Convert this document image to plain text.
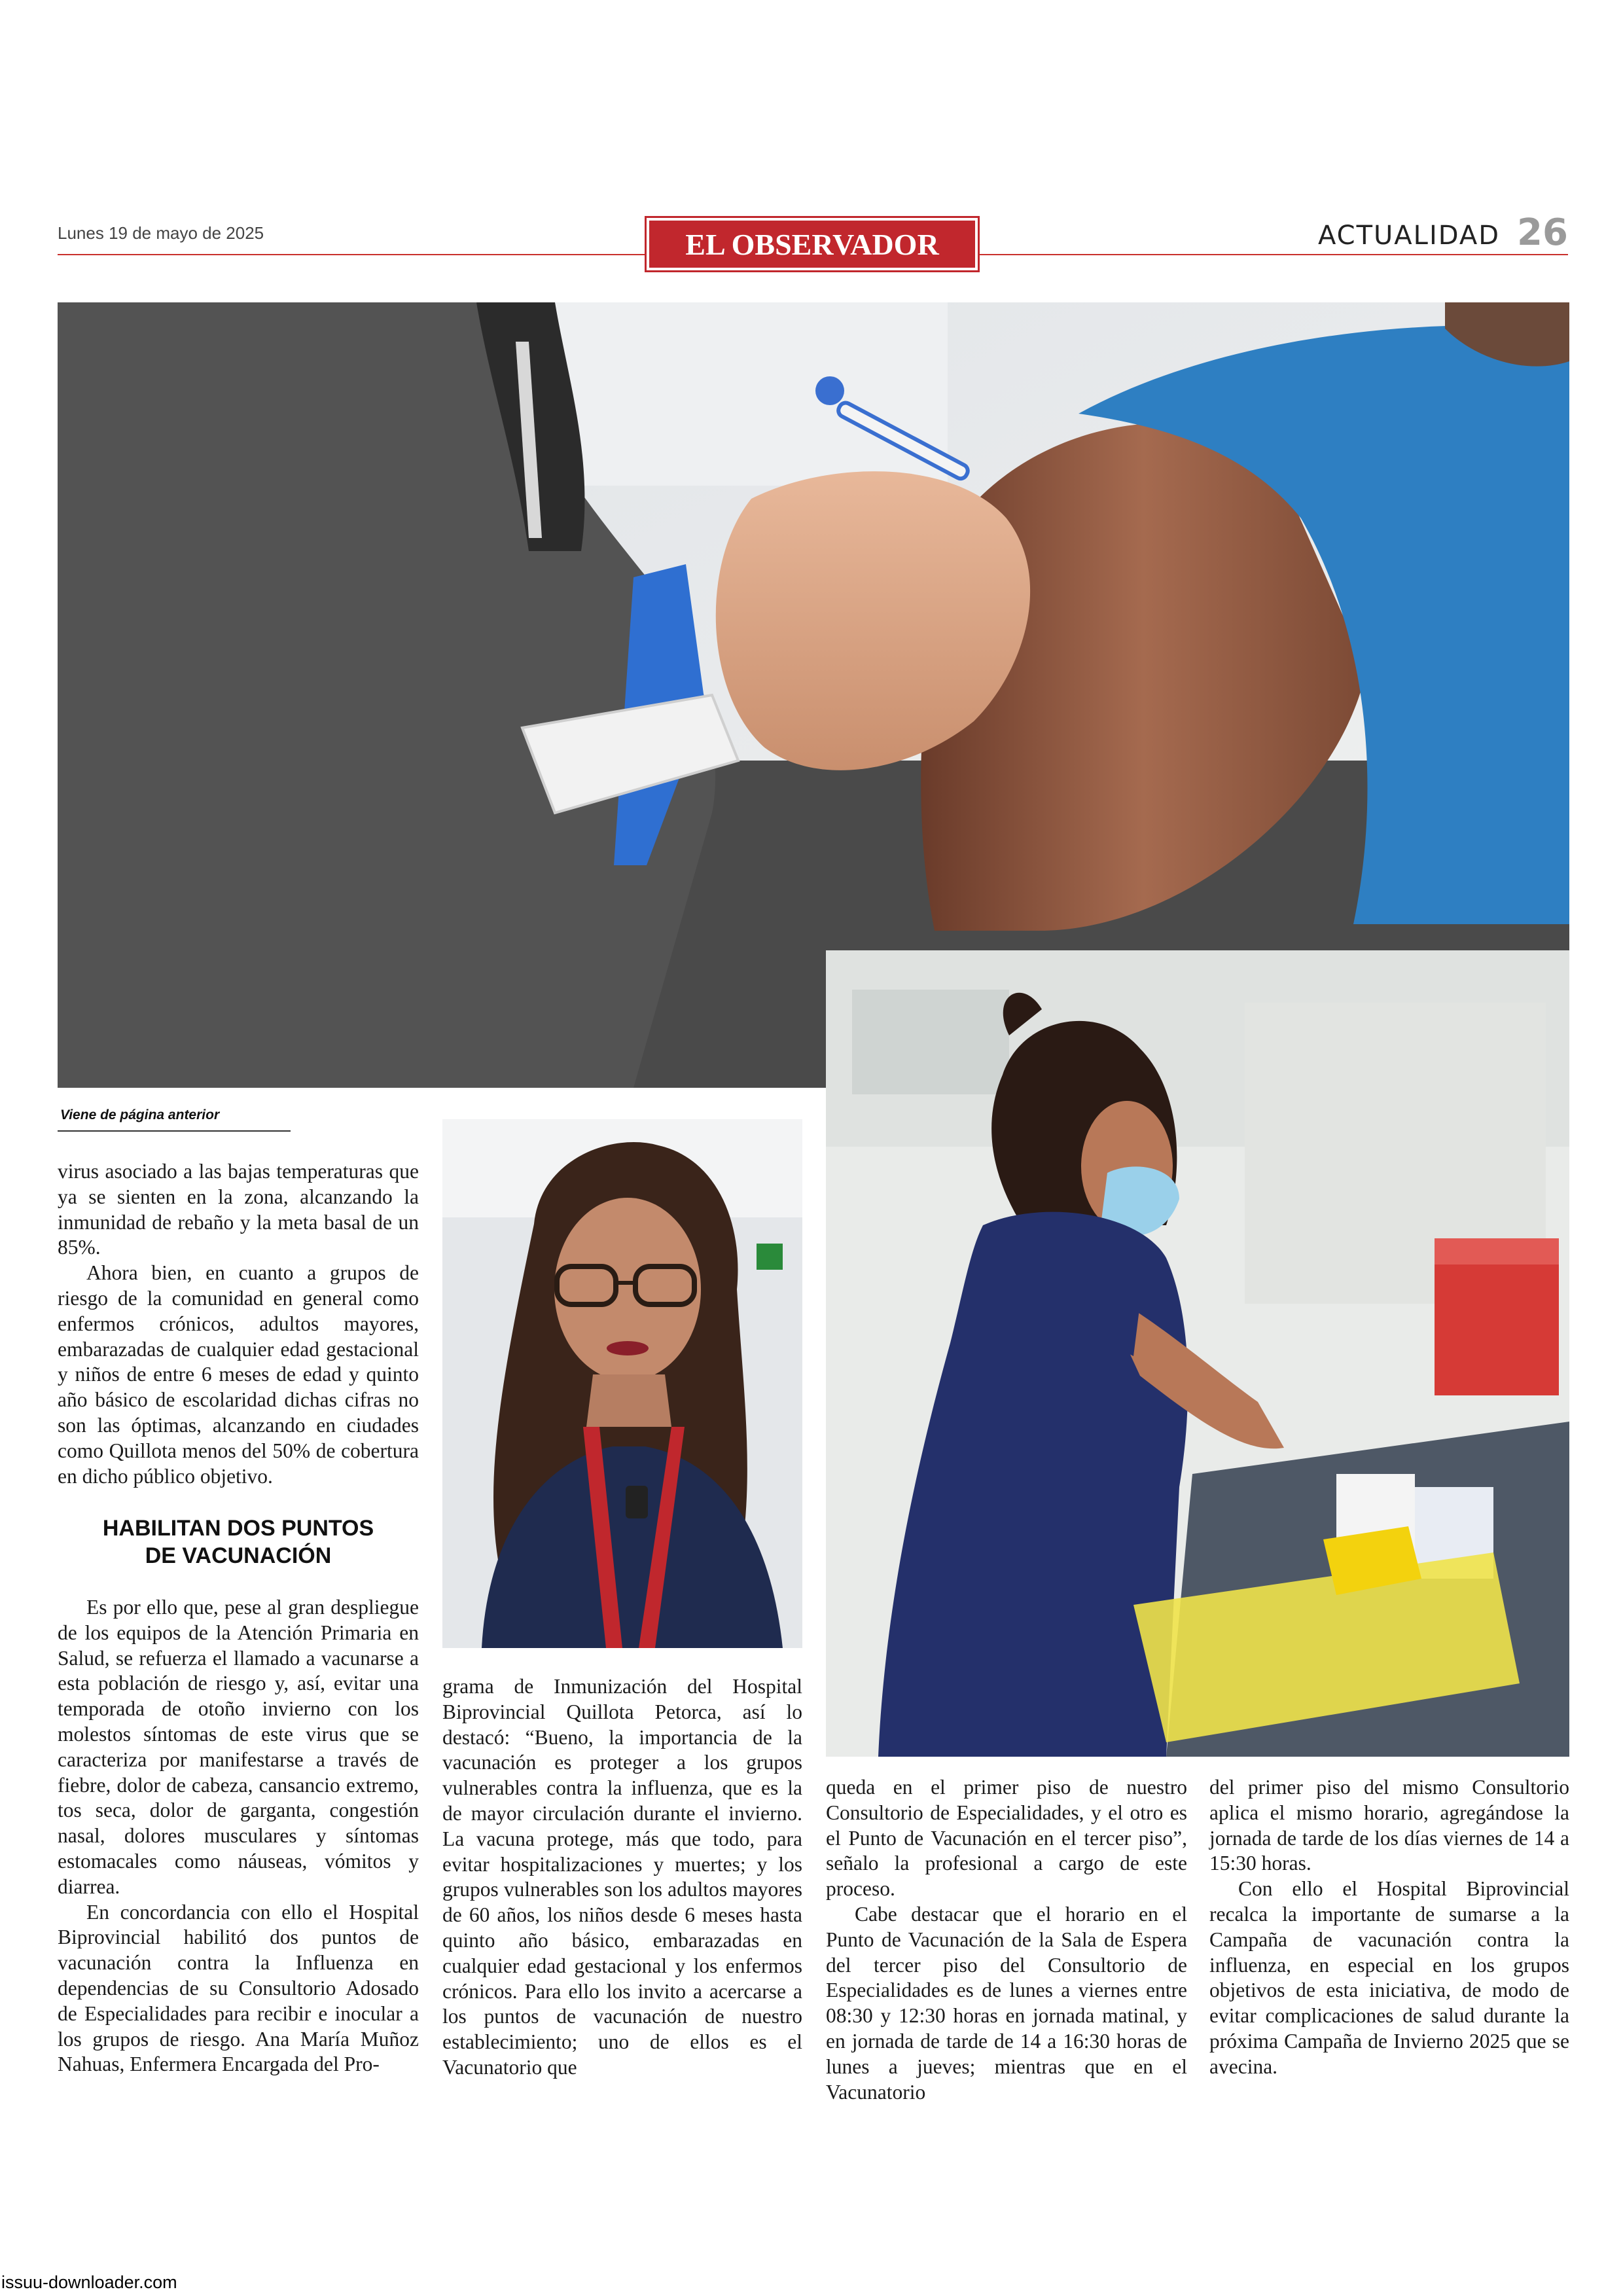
Lunes 19 de mayo de 2025	EL OBSERVADOR	ACTUALIDAD 26
Viene de página anterior

virus asociado a las bajas temperaturas que ya se sienten en la zona, alcanzando la inmunidad de rebaño y la meta basal de un 85%.

Ahora bien, en cuanto a grupos de riesgo de la comunidad en general como enfermos crónicos, adultos mayores, embarazadas de cualquier edad gestacional y niños de entre 6 meses de edad y quinto año básico de escolaridad dichas cifras no son las óptimas, alcanzando en ciudades como Quillota menos del 50% de cobertura en dicho público objetivo.

HABILITAN DOS PUNTOS
DE VACUNACIÓN

Es por ello que, pese al gran despliegue de los equipos de la Atención Primaria en Salud, se refuerza el llamado a vacunarse a esta población de riesgo y, así, evitar una temporada de otoño invierno con los molestos síntomas de este virus que se caracteriza por manifestarse a través de fiebre, dolor de cabeza, cansancio extremo, tos seca, dolor de garganta, congestión nasal, dolores musculares y síntomas estomacales como náuseas, vómitos y diarrea.

En concordancia con ello el Hospital Biprovincial habilitó dos puntos de vacunación contra la Influenza en dependencias de su Consultorio Adosado de Especialidades para recibir e inocular a los grupos de riesgo. Ana María Muñoz Nahuas, Enfermera Encargada del Pro-

grama de Inmunización del Hospital Biprovincial Quillota Petorca, así lo destacó: “Bueno, la importancia de la vacunación es proteger a los grupos vulnerables contra la influenza, que es la de mayor circulación durante el invierno. La vacuna protege, más que todo, para evitar hospitalizaciones y muertes; y los grupos vulnerables son los adultos mayores de 60 años, los niños desde 6 meses hasta quinto año básico, embarazadas en cualquier edad gestacional y los enfermos crónicos. Para ello los invito a acercarse a los puntos de vacunación de nuestro establecimiento; uno de ellos es el Vacunatorio que

queda en el primer piso de nuestro Consultorio de Especialidades, y el otro es el Punto de Vacunación en el tercer piso”, señalo la profesional a cargo de este proceso.

Cabe destacar que el horario en el Punto de Vacunación de la Sala de Espera del tercer piso del Consultorio de Especialidades es de lunes a viernes entre 08:30 y 12:30 horas en jornada matinal, y en jornada de tarde de 14 a 16:30 horas de lunes a jueves; mientras que en el Vacunatorio

del primer piso del mismo Consultorio aplica el mismo horario, agregándose la jornada de tarde de los días viernes de 14 a 15:30 horas.

Con ello el Hospital Biprovincial recalca la importante de sumarse a la Campaña de vacunación contra la influenza, en especial en los grupos objetivos de esta iniciativa, de modo de evitar complicaciones de salud durante la próxima Campaña de Invierno 2025 que se avecina.

issuu-downloader.com
